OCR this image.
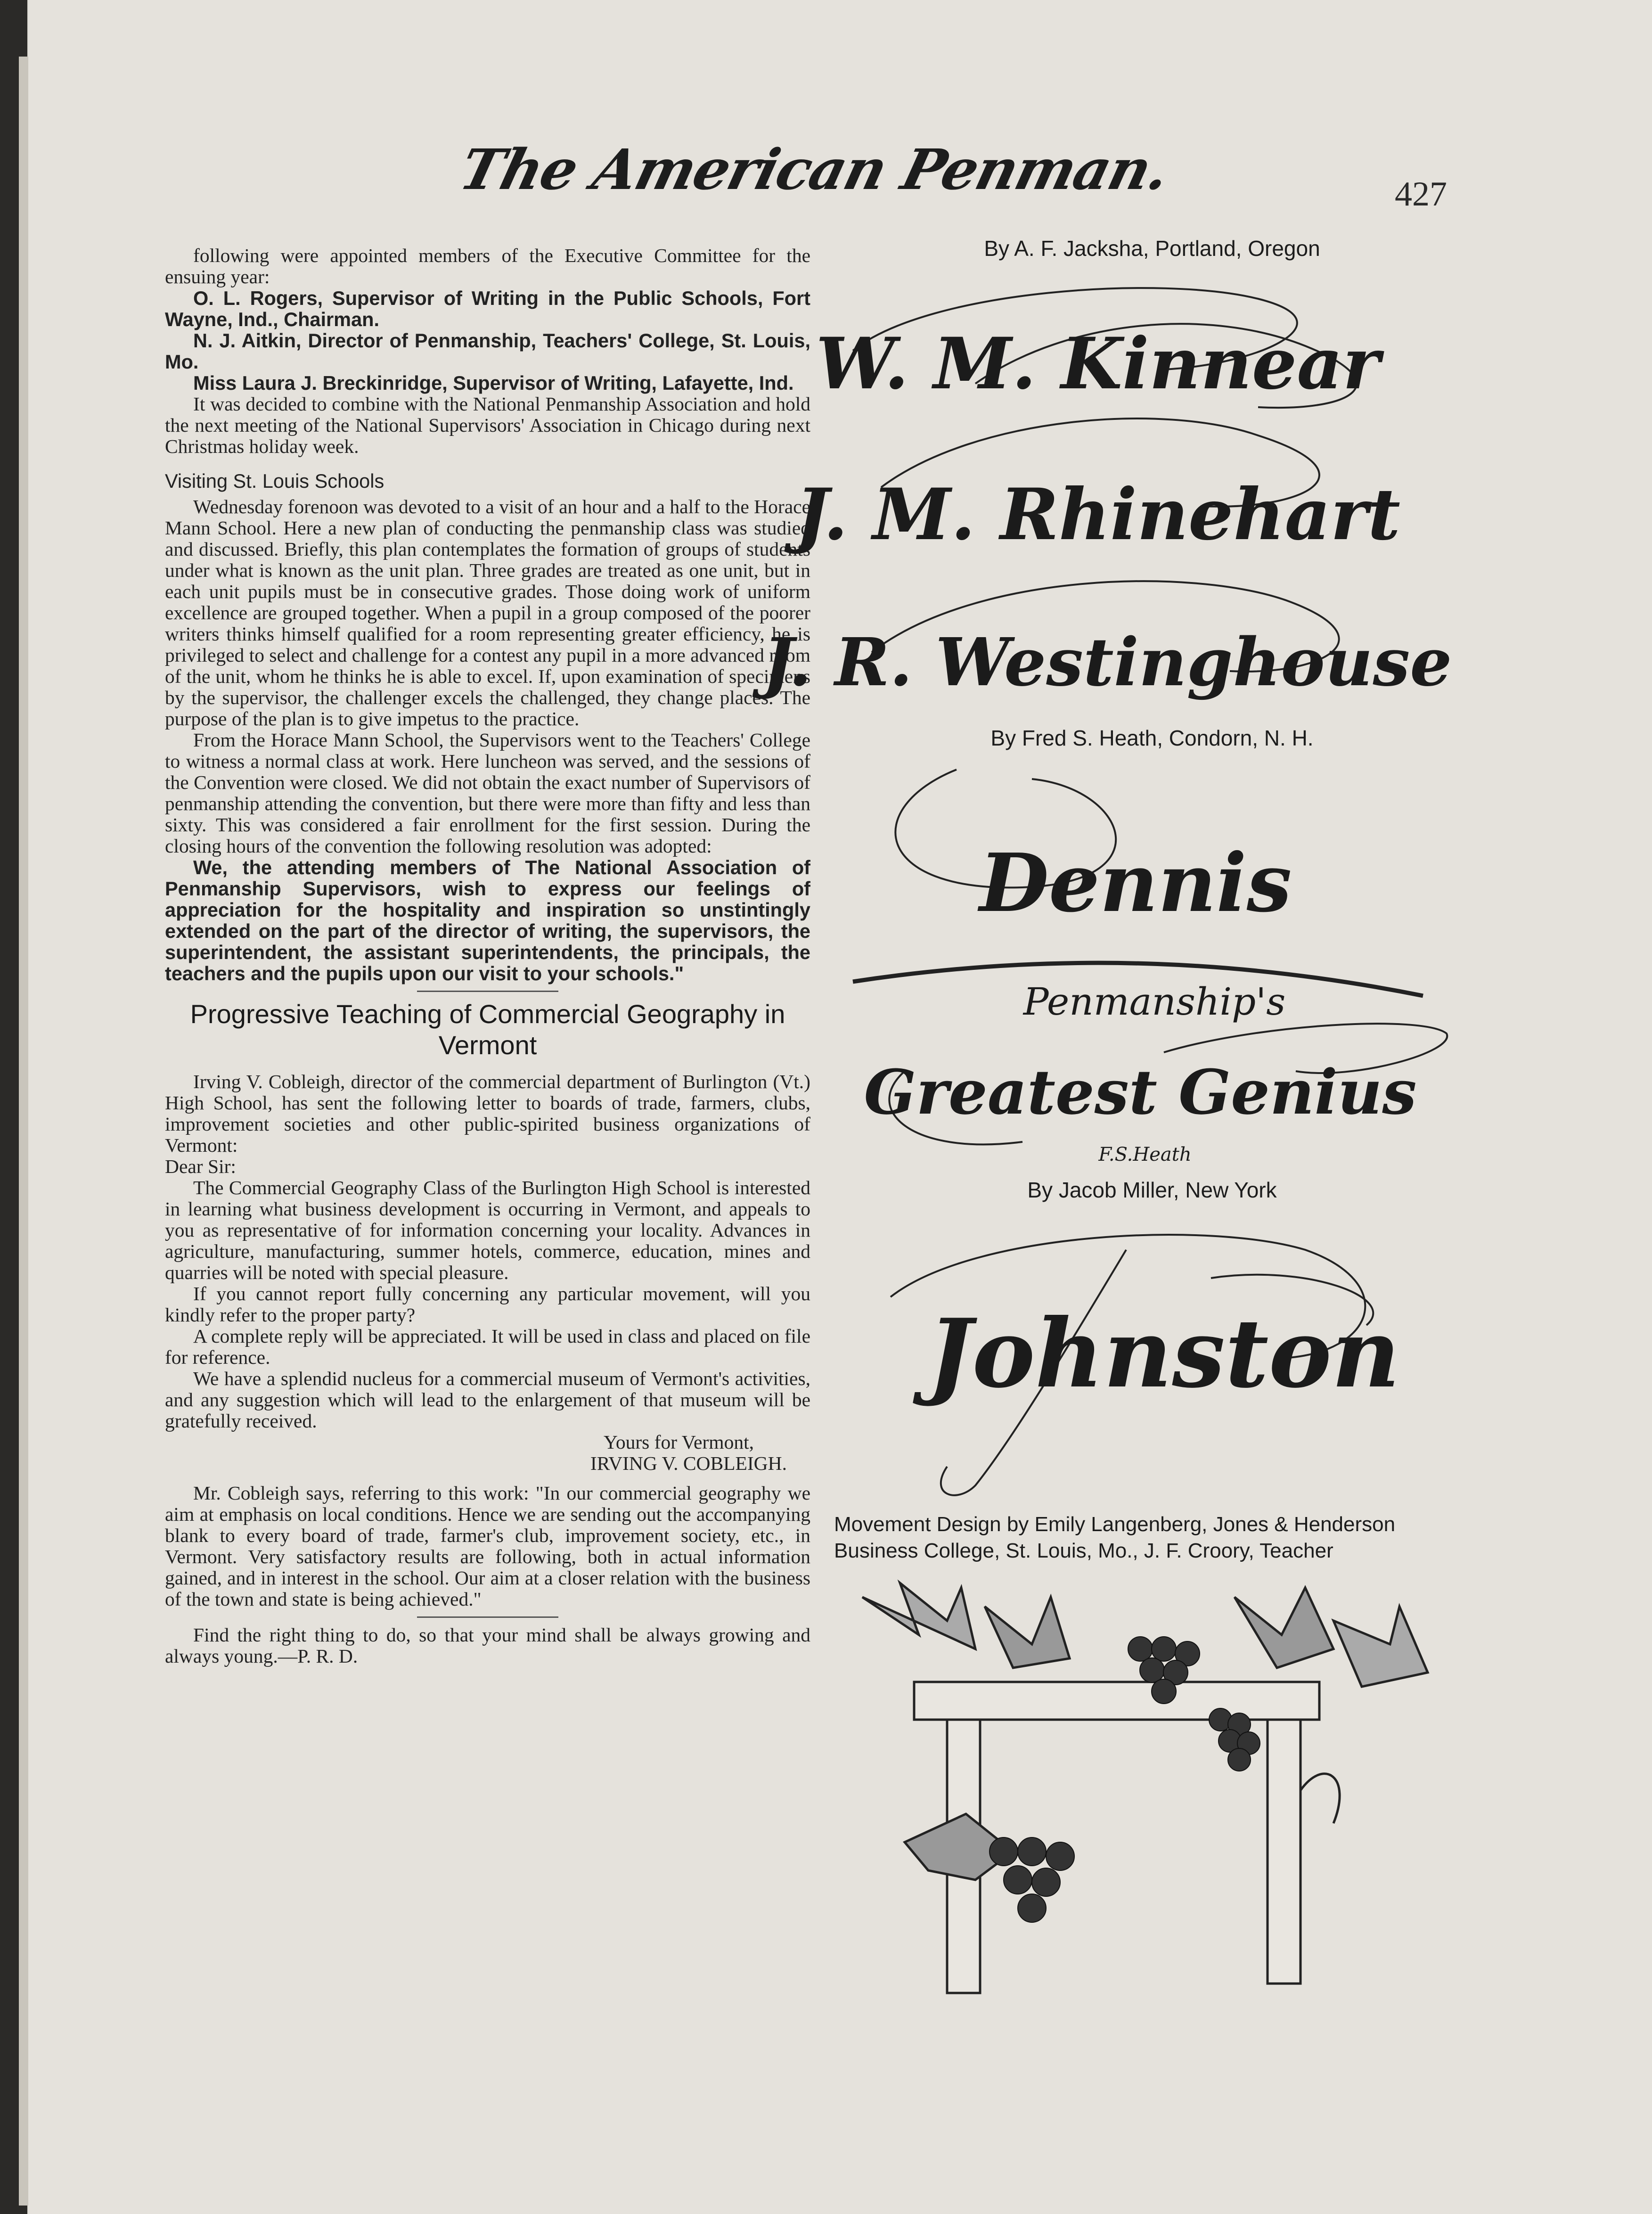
The American Penman.	427

following were appointed members of the Executive Committee for the ensuing year:

O. L. Rogers, Supervisor of Writing in the Public Schools, Fort Wayne, Ind., Chairman.

N. J. Aitkin, Director of Penmanship, Teachers' College, St. Louis, Mo.

Miss Laura J. Breckinridge, Supervisor of Writing, Lafayette, Ind.

It was decided to combine with the National Penmanship Association and hold the next meeting of the National Supervisors' Association in Chicago during next Christmas holiday week.

Visiting St. Louis Schools

Wednesday forenoon was devoted to a visit of an hour and a half to the Horace Mann School. Here a new plan of conducting the penmanship class was studied and discussed. Briefly, this plan contemplates the formation of groups of students under what is known as the unit plan. Three grades are treated as one unit, but in each unit pupils must be in consecutive grades. Those doing work of uniform excellence are grouped together. When a pupil in a group composed of the poorer writers thinks himself qualified for a room representing greater efficiency, he is privileged to select and challenge for a contest any pupil in a more advanced room of the unit, whom he thinks he is able to excel. If, upon examination of specimens by the supervisor, the challenger excels the challenged, they change places. The purpose of the plan is to give impetus to the practice.

From the Horace Mann School, the Supervisors went to the Teachers' College to witness a normal class at work. Here luncheon was served, and the sessions of the Convention were closed. We did not obtain the exact number of Supervisors of penmanship attending the convention, but there were more than fifty and less than sixty. This was considered a fair enrollment for the first session. During the closing hours of the convention the following resolution was adopted:

We, the attending members of The National Association of Penmanship Supervisors, wish to express our feelings of appreciation for the hospitality and inspiration so unstintingly extended on the part of the director of writing, the supervisors, the superintendent, the assistant superintendents, the principals, the teachers and the pupils upon our visit to your schools."

Progressive Teaching of Commercial Geography in Vermont

Irving V. Cobleigh, director of the commercial department of Burlington (Vt.) High School, has sent the following letter to boards of trade, farmers, clubs, improvement societies and other public-spirited business organizations of Vermont:

Dear Sir:

The Commercial Geography Class of the Burlington High School is interested in learning what business development is occurring in Vermont, and appeals to you as representative of for information concerning your locality. Advances in agriculture, manufacturing, summer hotels, commerce, education, mines and quarries will be noted with special pleasure.

If you cannot report fully concerning any particular movement, will you kindly refer to the proper party?

A complete reply will be appreciated. It will be used in class and placed on file for reference.

We have a splendid nucleus for a commercial museum of Vermont's activities, and any suggestion which will lead to the enlargement of that museum will be gratefully received.

Yours for Vermont,

IRVING V. COBLEIGH.

Mr. Cobleigh says, referring to this work: "In our commercial geography we aim at emphasis on local conditions. Hence we are sending out the accompanying blank to every board of trade, farmer's club, improvement society, etc., in Vermont. Very satisfactory results are following, both in actual information gained, and in interest in the school. Our aim at a closer relation with the business of the town and state is being achieved."

Find the right thing to do, so that your mind shall be always growing and always young.—P. R. D.

By A. F. Jacksha, Portland, Oregon
W. M. Kinnear
J. M. Rhinehart
J. R. Westinghouse
By Fred S. Heath, Condorn, N. H.
Dennis
Penmanship's
Greatest Genius
F.S.Heath
By Jacob Miller, New York
Johnston
Movement Design by Emily Langenberg, Jones & Henderson
Business College, St. Louis, Mo., J. F. Croory, Teacher
